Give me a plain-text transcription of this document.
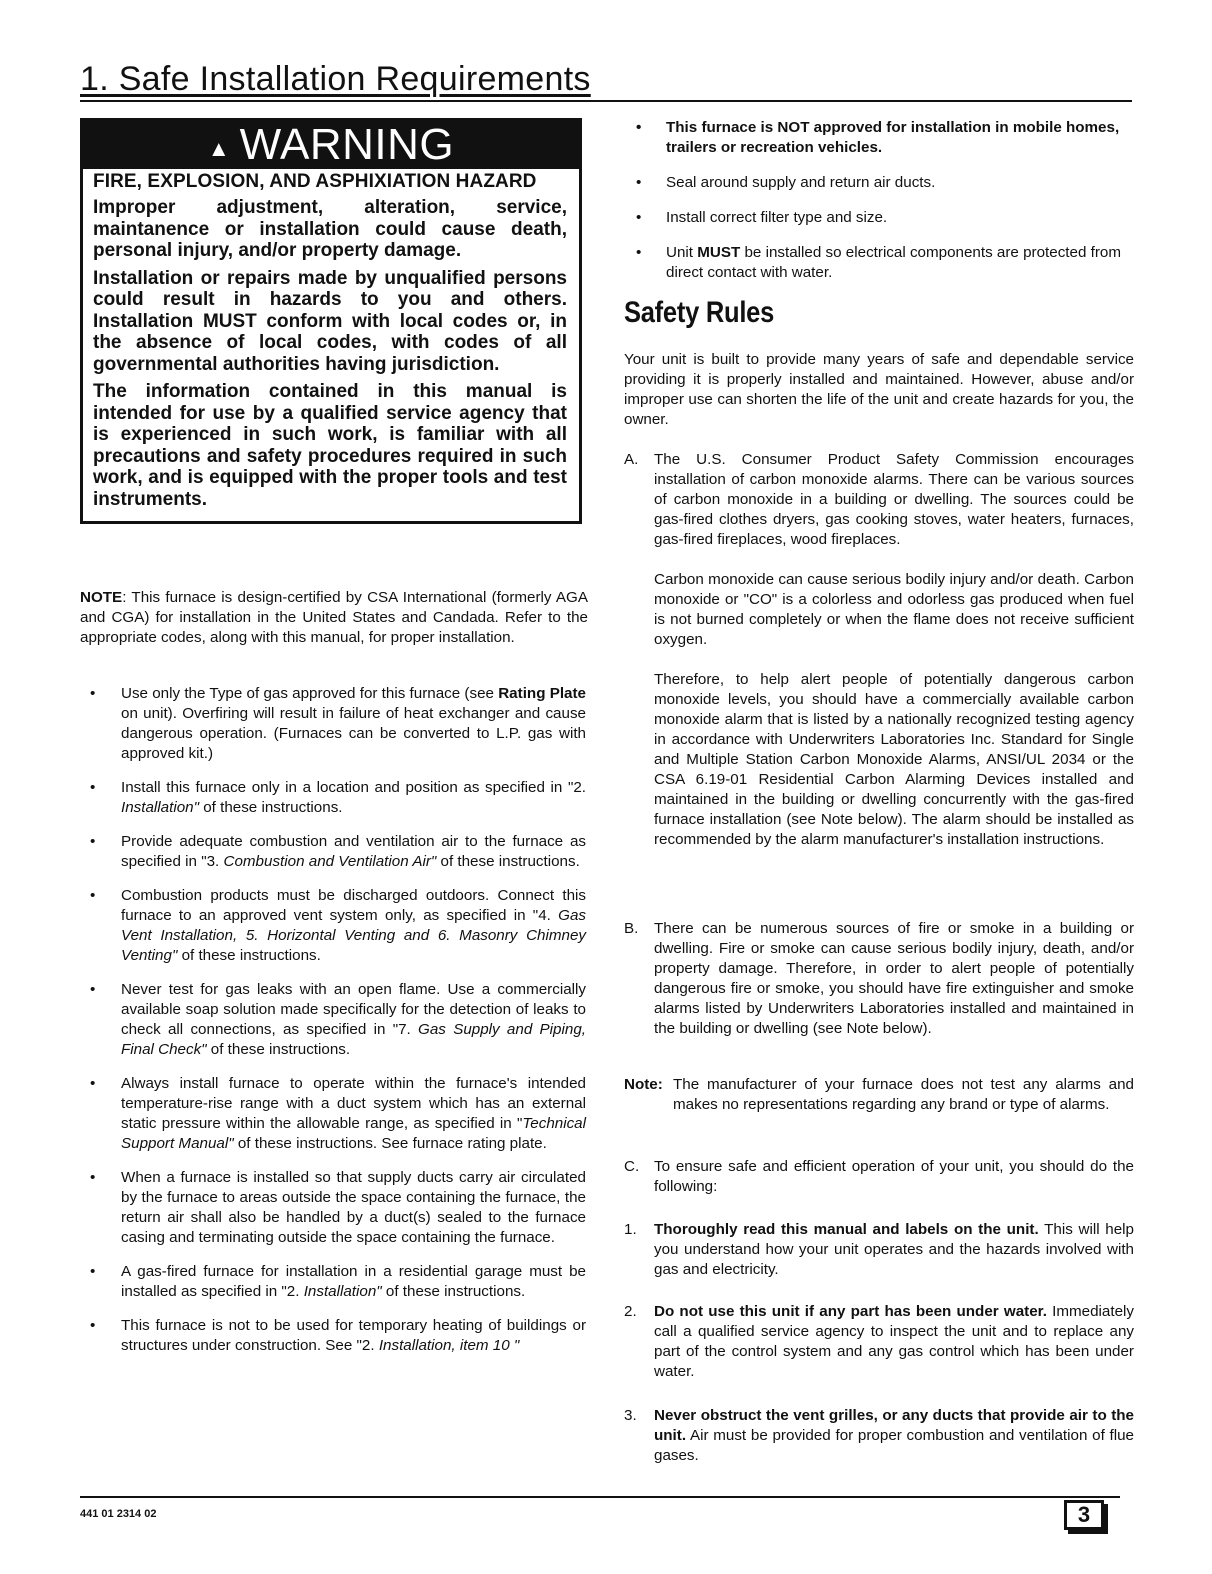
1. Safe Installation Requirements
▲ WARNING
FIRE, EXPLOSION, AND ASPHIXIATION HAZARD

Improper adjustment, alteration, service, maintanence or installation could cause death, personal injury, and/or property damage.

Installation or repairs made by unqualified persons could result in hazards to you and others. Installation MUST conform with local codes or, in the absence of local codes, with codes of all governmental authorities having jurisdiction.

The information contained in this manual is intended for use by a qualified service agency that is experienced in such work, is familiar with all precautions and safety procedures required in such work, and is equipped with the proper tools and test instruments.

NOTE: This furnace is design-certified by CSA International (formerly AGA and CGA) for installation in the United States and Candada. Refer to the appropriate codes, along with this manual, for proper installation.

• Use only the Type of gas approved for this furnace (see Rating Plate on unit). Overfiring will result in failure of heat exchanger and cause dangerous operation. (Furnaces can be converted to L.P. gas with approved kit.)
• Install this furnace only in a location and position as specified in "2. Installation" of these instructions.
• Provide adequate combustion and ventilation air to the furnace as specified in "3. Combustion and Ventilation Air" of these instructions.
• Combustion products must be discharged outdoors. Connect this furnace to an approved vent system only, as specified in "4. Gas Vent Installation, 5. Horizontal Venting and 6. Masonry Chimney Venting" of these instructions.
• Never test for gas leaks with an open flame. Use a commercially available soap solution made specifically for the detection of leaks to check all connections, as specified in "7. Gas Supply and Piping, Final Check" of these instructions.
• Always install furnace to operate within the furnace's intended temperature-rise range with a duct system which has an external static pressure within the allowable range, as specified in "Technical Support Manual" of these instructions. See furnace rating plate.
• When a furnace is installed so that supply ducts carry air circulated by the furnace to areas outside the space containing the furnace, the return air shall also be handled by a duct(s) sealed to the furnace casing and terminating outside the space containing the furnace.
• A gas-fired furnace for installation in a residential garage must be installed as specified in "2. Installation" of these instructions.
• This furnace is not to be used for temporary heating of buildings or structures under construction. See "2. Installation, item 10 "
• This furnace is NOT approved for installation in mobile homes, trailers or recreation vehicles.
• Seal around supply and return air ducts.
• Install correct filter type and size.
• Unit MUST be installed so electrical components are protected from direct contact with water.
Safety Rules

Your unit is built to provide many years of safe and dependable service providing it is properly installed and maintained. However, abuse and/or improper use can shorten the life of the unit and create hazards for you, the owner.

A. The U.S. Consumer Product Safety Commission encourages installation of carbon monoxide alarms. There can be various sources of carbon monoxide in a building or dwelling. The sources could be gas-fired clothes dryers, gas cooking stoves, water heaters, furnaces, gas-fired fireplaces, wood fireplaces.
Carbon monoxide can cause serious bodily injury and/or death. Carbon monoxide or "CO" is a colorless and odorless gas produced when fuel is not burned completely or when the flame does not receive sufficient oxygen.
Therefore, to help alert people of potentially dangerous carbon monoxide levels, you should have a commercially available carbon monoxide alarm that is listed by a nationally recognized testing agency in accordance with Underwriters Laboratories Inc. Standard for Single and Multiple Station Carbon Monoxide Alarms, ANSI/UL 2034 or the CSA 6.19-01 Residential Carbon Alarming Devices installed and maintained in the building or dwelling concurrently with the gas-fired furnace installation (see Note below). The alarm should be installed as recommended by the alarm manufacturer's installation instructions.
B. There can be numerous sources of fire or smoke in a building or dwelling. Fire or smoke can cause serious bodily injury, death, and/or property damage. Therefore, in order to alert people of potentially dangerous fire or smoke, you should have fire extinguisher and smoke alarms listed by Underwriters Laboratories installed and maintained in the building or dwelling (see Note below).
Note: The manufacturer of your furnace does not test any alarms and makes no representations regarding any brand or type of alarms.
C. To ensure safe and efficient operation of your unit, you should do the following:
1. Thoroughly read this manual and labels on the unit. This will help you understand how your unit operates and the hazards involved with gas and electricity.
2. Do not use this unit if any part has been under water. Immediately call a qualified service agency to inspect the unit and to replace any part of the control system and any gas control which has been under water.
3. Never obstruct the vent grilles, or any ducts that provide air to the unit. Air must be provided for proper combustion and ventilation of flue gases.
441 01 2314 02	3
